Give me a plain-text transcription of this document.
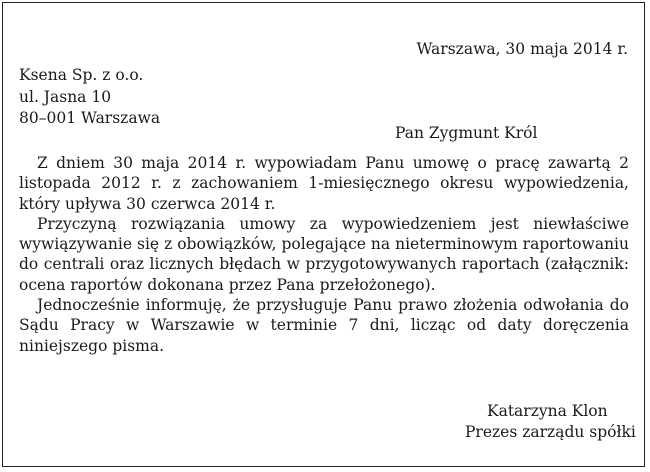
Warszawa, 30 maja 2014 r.
Ksena Sp. z o.o.
ul. Jasna 10
80–001 Warszawa
Pan Zygmunt Król

Z dniem 30 maja 2014 r. wypowiadam Panu umowę o pracę zawartą 2 listopada 2012 r. z zachowaniem 1-miesięcznego okresu wypowiedzenia, który upływa 30 czerwca 2014 r.

Przyczyną rozwiązania umowy za wypowiedzeniem jest niewłaściwe wywiązywanie się z obowiązków, polegające na nieterminowym raportowaniu do centrali oraz licznych błędach w przygotowywanych raportach (załącznik: ocena raportów dokonana przez Pana przełożonego).

Jednocześnie informuję, że przysługuje Panu prawo złożenia odwołania do Sądu Pracy w Warszawie w terminie 7 dni, licząc od daty doręczenia niniejszego pisma.

Katarzyna Klon
Prezes zarządu spółki
